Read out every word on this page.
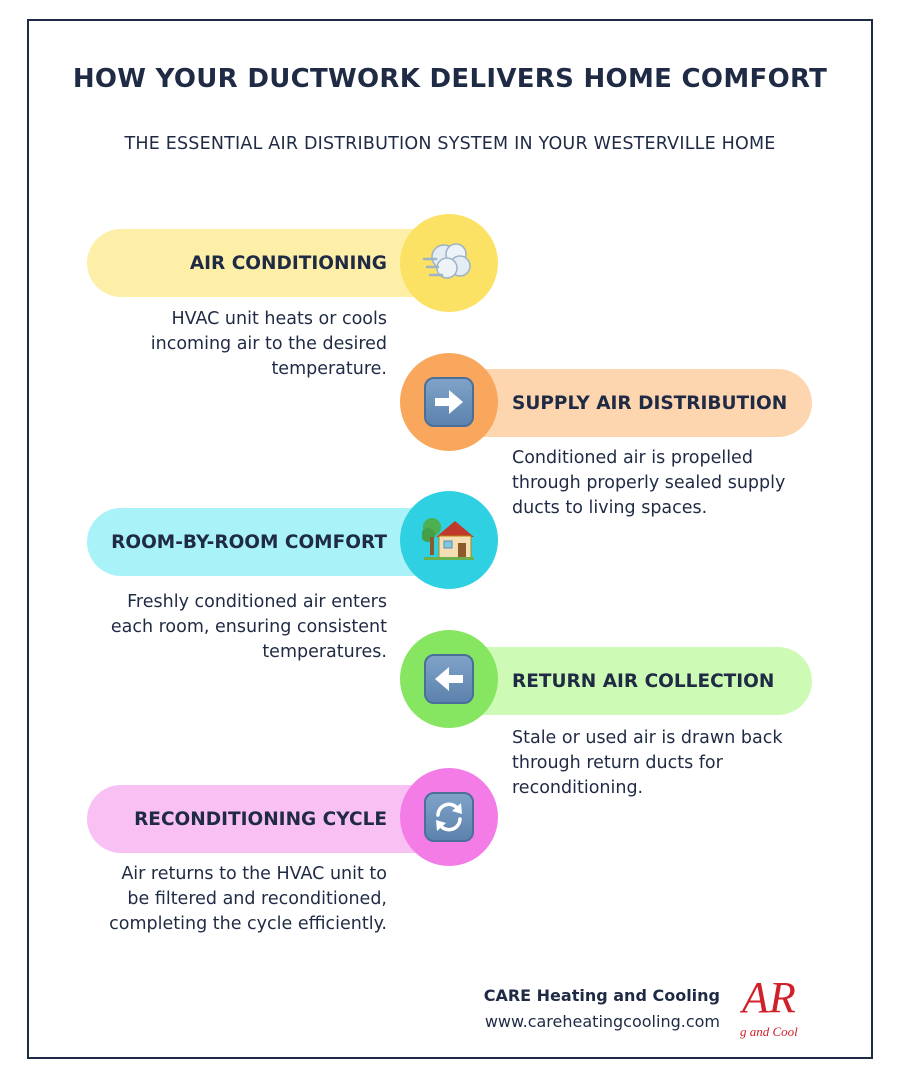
HOW YOUR DUCTWORK DELIVERS HOME COMFORT
THE ESSENTIAL AIR DISTRIBUTION SYSTEM IN YOUR WESTERVILLE HOME
AIR CONDITIONING
HVAC unit heats or cools incoming air to the desired temperature.
SUPPLY AIR DISTRIBUTION
Conditioned air is propelled through properly sealed supply ducts to living spaces.
ROOM-BY-ROOM COMFORT
Freshly conditioned air enters each room, ensuring consistent temperatures.
RETURN AIR COLLECTION
Stale or used air is drawn back through return ducts for reconditioning.
RECONDITIONING CYCLE
Air returns to the HVAC unit to be filtered and reconditioned, completing the cycle efficiently.
CARE Heating and Cooling
www.careheatingcooling.com AR
g and Cool
